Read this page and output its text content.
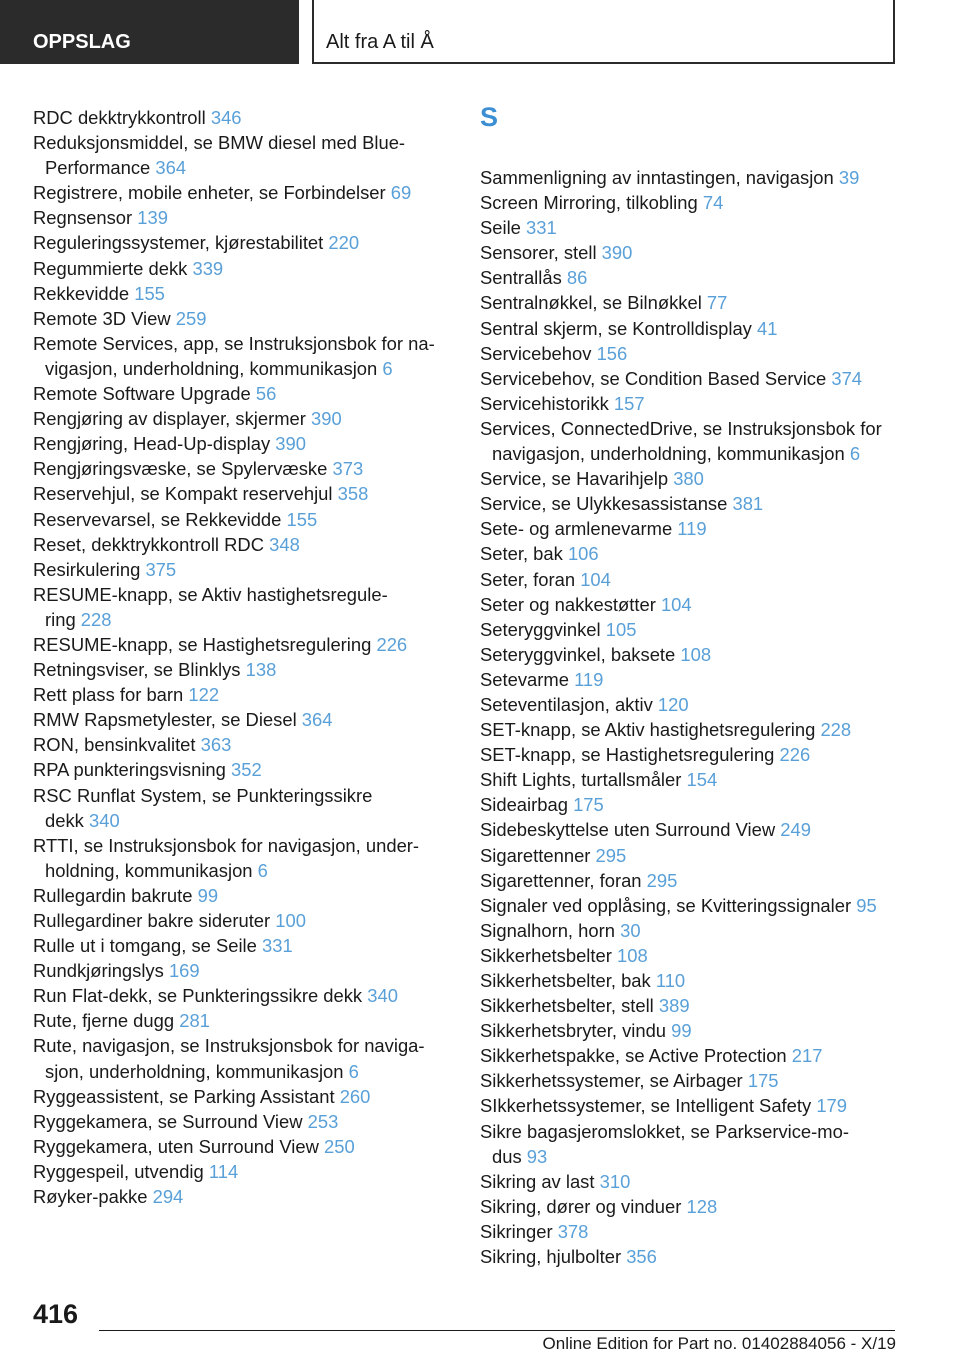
OPPSLAG	Alt fra A til Å

RDC dekktrykkontroll 346

Reduksjonsmiddel, se BMW diesel med Blue-
Performance 364

Registrere, mobile enheter, se Forbindelser 69

Regnsensor 139

Reguleringssystemer, kjørestabilitet 220

Regummierte dekk 339

Rekkevidde 155

Remote 3D View 259

Remote Services, app, se Instruksjonsbok for na-
vigasjon, underholdning, kommunikasjon 6

Remote Software Upgrade 56

Rengjøring av displayer, skjermer 390

Rengjøring, Head-Up-display 390

Rengjøringsvæske, se Spylervæske 373

Reservehjul, se Kompakt reservehjul 358

Reservevarsel, se Rekkevidde 155

Reset, dekktrykkontroll RDC 348

Resirkulering 375

RESUME-knapp, se Aktiv hastighetsregule-
ring 228

RESUME-knapp, se Hastighetsregulering 226

Retningsviser, se Blinklys 138

Rett plass for barn 122

RMW Rapsmetylester, se Diesel 364

RON, bensinkvalitet 363

RPA punkteringsvisning 352

RSC Runflat System, se Punkteringssikre
dekk 340

RTTI, se Instruksjonsbok for navigasjon, under-
holdning, kommunikasjon 6

Rullegardin bakrute 99

Rullegardiner bakre sideruter 100

Rulle ut i tomgang, se Seile 331

Rundkjøringslys 169

Run Flat-dekk, se Punkteringssikre dekk 340

Rute, fjerne dugg 281

Rute, navigasjon, se Instruksjonsbok for naviga-
sjon, underholdning, kommunikasjon 6

Ryggeassistent, se Parking Assistant 260

Ryggekamera, se Surround View 253

Ryggekamera, uten Surround View 250

Ryggespeil, utvendig 114

Røyker-pakke 294

S

Sammenligning av inntastingen, navigasjon 39

Screen Mirroring, tilkobling 74

Seile 331

Sensorer, stell 390

Sentrallås 86

Sentralnøkkel, se Bilnøkkel 77

Sentral skjerm, se Kontrolldisplay 41

Servicebehov 156

Servicebehov, se Condition Based Service 374

Servicehistorikk 157

Services, ConnectedDrive, se Instruksjonsbok for
navigasjon, underholdning, kommunikasjon 6

Service, se Havarihjelp 380

Service, se Ulykkesassistanse 381

Sete- og armlenevarme 119

Seter, bak 106

Seter, foran 104

Seter og nakkestøtter 104

Seteryggvinkel 105

Seteryggvinkel, baksete 108

Setevarme 119

Seteventilasjon, aktiv 120

SET-knapp, se Aktiv hastighetsregulering 228

SET-knapp, se Hastighetsregulering 226

Shift Lights, turtallsmåler 154

Sideairbag 175

Sidebeskyttelse uten Surround View 249

Sigarettenner 295

Sigarettenner, foran 295

Signaler ved opplåsing, se Kvitteringssignaler 95

Signalhorn, horn 30

Sikkerhetsbelter 108

Sikkerhetsbelter, bak 110

Sikkerhetsbelter, stell 389

Sikkerhetsbryter, vindu 99

Sikkerhetspakke, se Active Protection 217

Sikkerhetssystemer, se Airbager 175

SIkkerhetssystemer, se Intelligent Safety 179

Sikre bagasjeromslokket, se Parkservice-mo-
dus 93

Sikring av last 310

Sikring, dører og vinduer 128

Sikringer 378

Sikring, hjulbolter 356

416
Online Edition for Part no. 01402884056 - X/19
